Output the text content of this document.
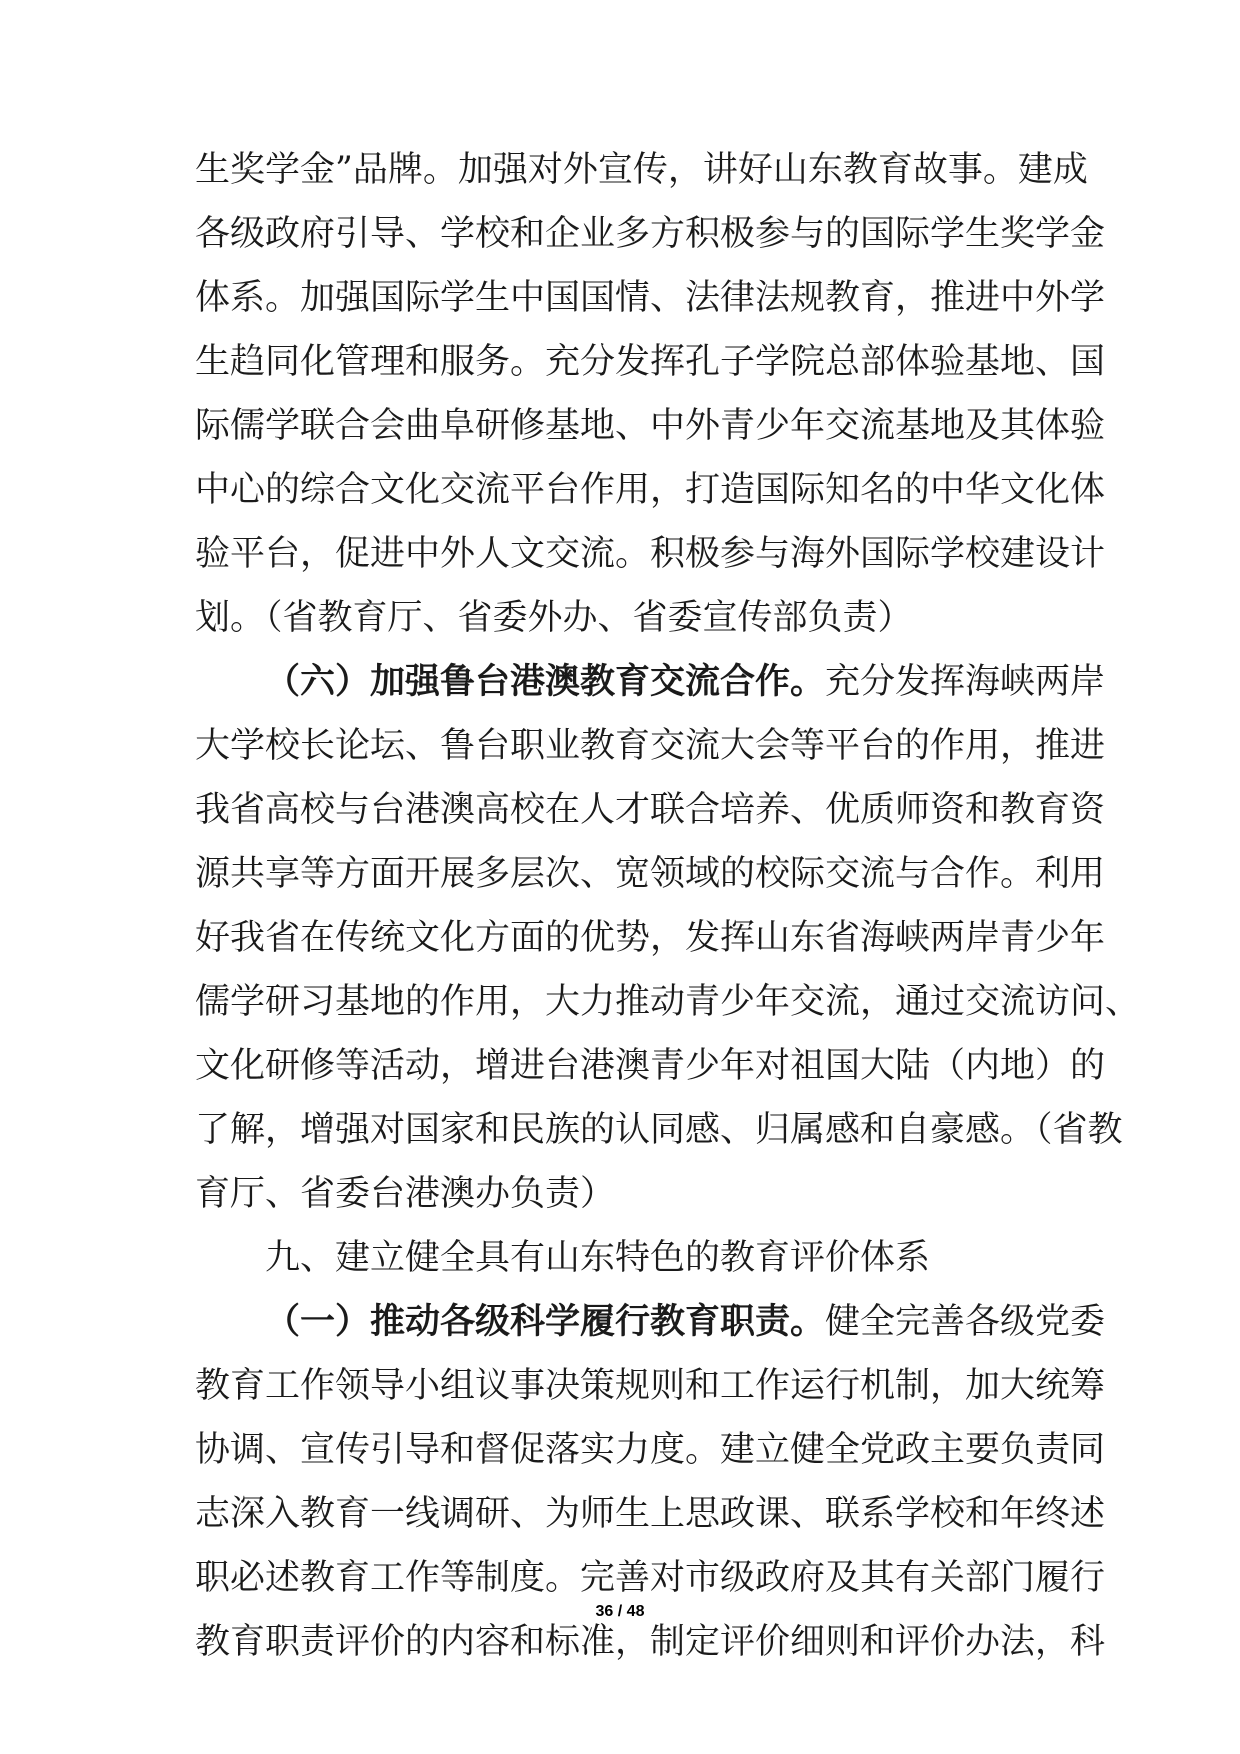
生奖学金”品牌。加强对外宣传，讲好山东教育故事。建成
各级政府引导、学校和企业多方积极参与的国际学生奖学金
体系。加强国际学生中国国情、法律法规教育，推进中外学
生趋同化管理和服务。充分发挥孔子学院总部体验基地、国
际儒学联合会曲阜研修基地、中外青少年交流基地及其体验
中心的综合文化交流平台作用，打造国际知名的中华文化体
验平台，促进中外人文交流。积极参与海外国际学校建设计
划。（省教育厅、省委外办、省委宣传部负责）
（六）加强鲁台港澳教育交流合作。充分发挥海峡两岸
大学校长论坛、鲁台职业教育交流大会等平台的作用，推进
我省高校与台港澳高校在人才联合培养、优质师资和教育资
源共享等方面开展多层次、宽领域的校际交流与合作。利用
好我省在传统文化方面的优势，发挥山东省海峡两岸青少年
儒学研习基地的作用，大力推动青少年交流，通过交流访问、
文化研修等活动，增进台港澳青少年对祖国大陆（内地）的
了解，增强对国家和民族的认同感、归属感和自豪感。（省教
育厅、省委台港澳办负责）
九、建立健全具有山东特色的教育评价体系
（一）推动各级科学履行教育职责。健全完善各级党委
教育工作领导小组议事决策规则和工作运行机制，加大统筹
协调、宣传引导和督促落实力度。建立健全党政主要负责同
志深入教育一线调研、为师生上思政课、联系学校和年终述
职必述教育工作等制度。完善对市级政府及其有关部门履行
教育职责评价的内容和标准，制定评价细则和评价办法，科
36 / 48
